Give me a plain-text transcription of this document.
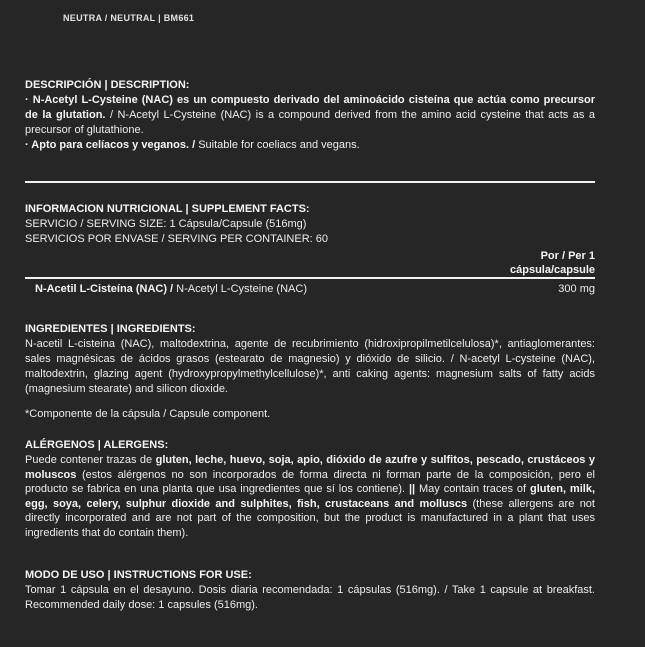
NEUTRA / NEUTRAL | BM661
DESCRIPCIÓN | DESCRIPTION:

· N-Acetyl L-Cysteine (NAC) es un compuesto derivado del aminoácido cisteína que actúa como precursor de la glutation. / N-Acetyl L-Cysteine (NAC) is a compound derived from the amino acid cysteine that acts as a precursor of glutathione.

· Apto para celíacos y veganos. / Suitable for coeliacs and vegans.

INFORMACION NUTRICIONAL | SUPPLEMENT FACTS:

SERVICIO / SERVING SIZE: 1 Cápsula/Capsule (516mg)

SERVICIOS POR ENVASE / SERVING PER CONTAINER: 60

Por / Per 1
cápsula/capsule
N-Acetil L-Cisteína (NAC) / N-Acetyl L-Cysteine (NAC)	300 mg
INGREDIENTES | INGREDIENTS:

N-acetil L-cisteina (NAC), maltodextrina, agente de recubrimiento (hidroxipropilmetilcelulosa)*, antiaglomerantes: sales magnésicas de ácidos grasos (estearato de magnesio) y dióxido de silicio. / N-acetyl L-cysteine (NAC), maltodextrin, glazing agent (hydroxypropylmethylcellulose)*, anti caking agents: magnesium salts of fatty acids (magnesium stearate) and silicon dioxide.

*Componente de la cápsula / Capsule component.

ALÉRGENOS | ALERGENS:

Puede contener trazas de gluten, leche, huevo, soja, apio, dióxido de azufre y sulfitos, pescado, crustáceos y moluscos (estos alérgenos no son incorporados de forma directa ni forman parte de la composición, pero el producto se fabrica en una planta que usa ingredientes que sí los contiene). || May contain traces of gluten, milk, egg, soya, celery, sulphur dioxide and sulphites, fish, crustaceans and molluscs (these allergens are not directly incorporated and are not part of the composition, but the product is manufactured in a plant that uses ingredients that do contain them).

MODO DE USO | INSTRUCTIONS FOR USE:

Tomar 1 cápsula en el desayuno. Dosis diaria recomendada: 1 cápsulas (516mg). / Take 1 capsule at breakfast. Recommended daily dose: 1 capsules (516mg).
